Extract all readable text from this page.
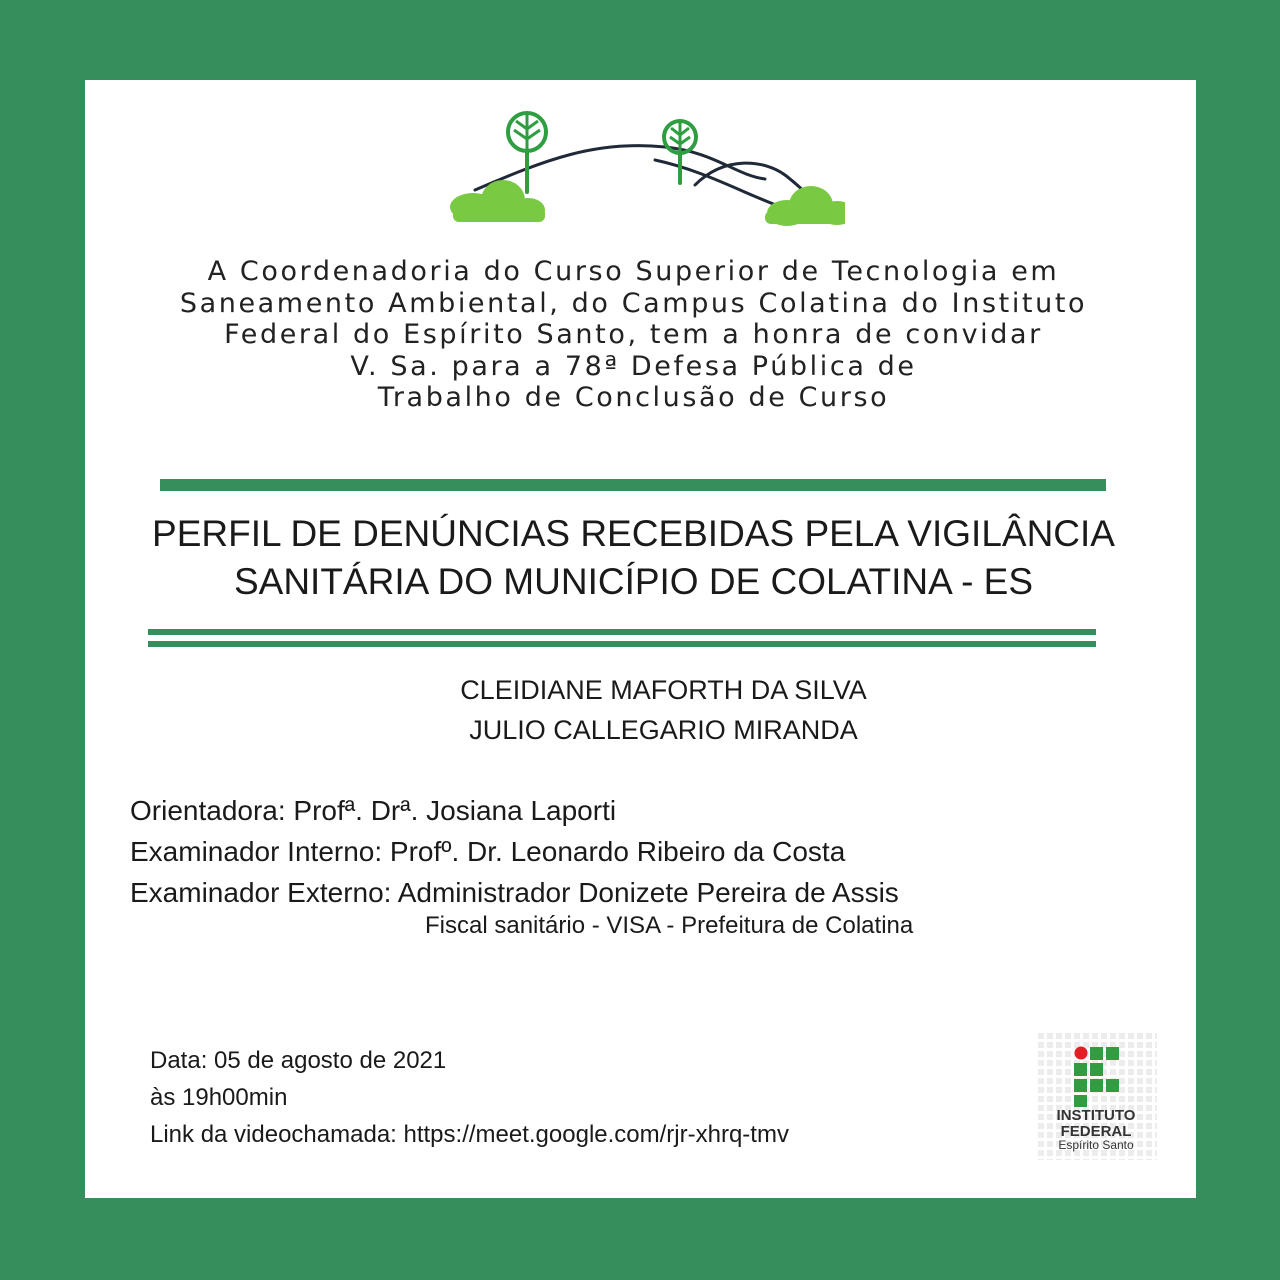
A Coordenadoria do Curso Superior de Tecnologia em
Saneamento Ambiental, do Campus Colatina do Instituto
Federal do Espírito Santo, tem a honra de convidar
V. Sa. para a 78ª Defesa Pública de
Trabalho de Conclusão de Curso
PERFIL DE DENÚNCIAS RECEBIDAS PELA VIGILÂNCIA
SANITÁRIA DO MUNICÍPIO DE COLATINA - ES
CLEIDIANE MAFORTH DA SILVA
JULIO CALLEGARIO MIRANDA
Orientadora: Profª. Drª. Josiana Laporti
Examinador Interno: Profº. Dr. Leonardo Ribeiro da Costa
Examinador Externo: Administrador Donizete Pereira de Assis
Fiscal sanitário - VISA - Prefeitura de Colatina
Data: 05 de agosto de 2021
às 19h00min
Link da videochamada: https://meet.google.com/rjr-xhrq-tmv
INSTITUTO
FEDERAL
Espírito Santo
